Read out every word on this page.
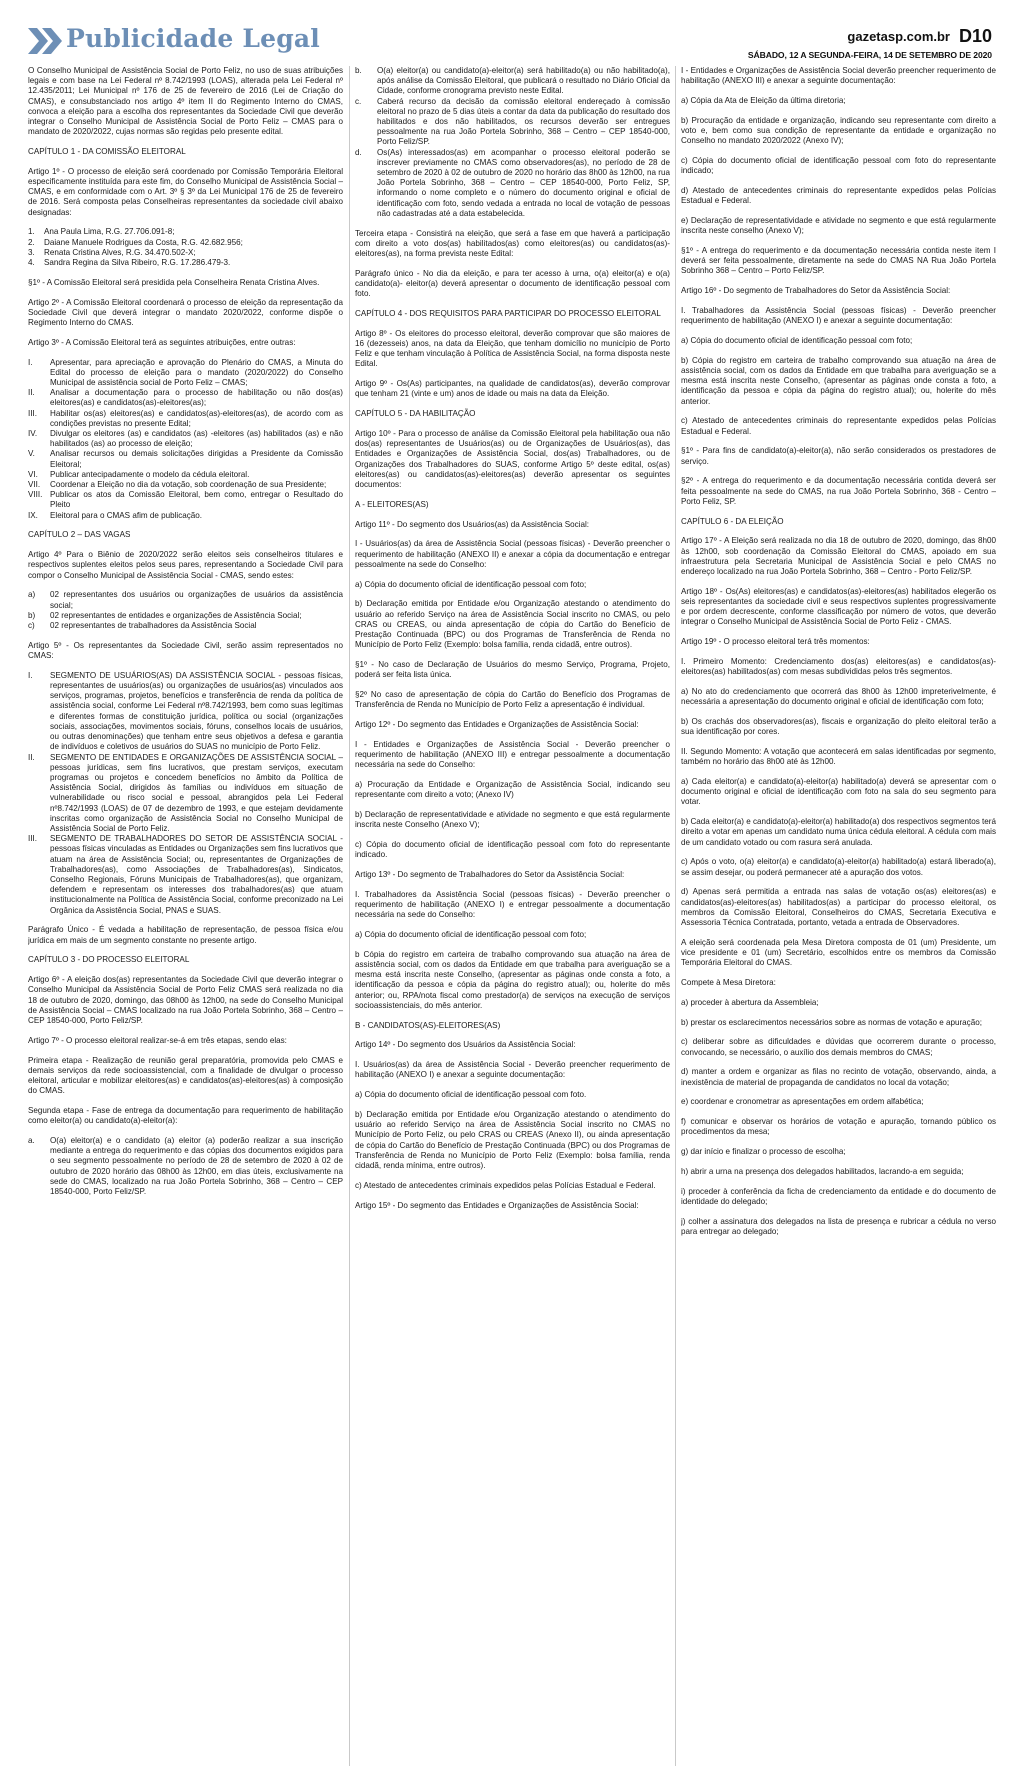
Publicidade Legal	gazetasp.com.br D10
SÁBADO, 12 A SEGUNDA-FEIRA, 14 DE SETEMBRO DE 2020

O Conselho Municipal de Assistência Social de Porto Feliz, no uso de suas atribuições legais e com base na Lei Federal nº 8.742/1993 (LOAS), alterada pela Lei Federal nº 12.435/2011; Lei Municipal nº 176 de 25 de fevereiro de 2016 (Lei de Criação do CMAS), e consubstanciado nos artigo 4º item II do Regimento Interno do CMAS, convoca a eleição para a escolha dos representantes da Sociedade Civil que deverão integrar o Conselho Municipal de Assistência Social de Porto Feliz – CMAS para o mandato de 2020/2022, cujas normas são regidas pelo presente edital.

CAPÍTULO 1 - DA COMISSÃO ELEITORAL

Artigo 1º - O processo de eleição será coordenado por Comissão Temporária Eleitoral especificamente instituída para este fim, do Conselho Municipal de Assistência Social – CMAS, e em conformidade com o Art. 3º § 3º da Lei Municipal 176 de 25 de fevereiro de 2016. Será composta pelas Conselheiras representantes da sociedade civil abaixo designadas:

1. Ana Paula Lima, R.G. 27.706.091-8;
2. Daiane Manuele Rodrigues da Costa, R.G. 42.682.956;
3. Renata Cristina Alves, R.G. 34.470.502-X;
4. Sandra Regina da Silva Ribeiro, R.G. 17.286.479-3.

§1º - A Comissão Eleitoral será presidida pela Conselheira Renata Cristina Alves.

Artigo 2º - A Comissão Eleitoral coordenará o processo de eleição da representação da Sociedade Civil que deverá integrar o mandato 2020/2022, conforme dispõe o Regimento Interno do CMAS.

Artigo 3º - A Comissão Eleitoral terá as seguintes atribuições, entre outras:

I. Apresentar, para apreciação e aprovação do Plenário do CMAS, a Minuta do Edital do processo de eleição para o mandato (2020/2022) do Conselho Municipal de assistência social de Porto Feliz – CMAS;
II. Analisar a documentação para o processo de habilitação ou não dos(as) eleitores(as) e candidatos(as)-eleitores(as);
III. Habilitar os(as) eleitores(as) e candidatos(as)-eleitores(as), de acordo com as condições previstas no presente Edital;
IV. Divulgar os eleitores (as) e candidatos (as) -eleitores (as) habilitados (as) e não habilitados (as) ao processo de eleição;
V. Analisar recursos ou demais solicitações dirigidas a Presidente da Comissão Eleitoral;
VI. Publicar antecipadamente o modelo da cédula eleitoral.
VII. Coordenar a Eleição no dia da votação, sob coordenação de sua Presidente;
VIII. Publicar os atos da Comissão Eleitoral, bem como, entregar o Resultado do Pleito
IX. Eleitoral para o CMAS afim de publicação.

CAPÍTULO 2 – DAS VAGAS

Artigo 4º Para o Biênio de 2020/2022 serão eleitos seis conselheiros titulares e respectivos suplentes eleitos pelos seus pares, representando a Sociedade Civil para compor o Conselho Municipal de Assistência Social - CMAS, sendo estes:

a) 02 representantes dos usuários ou organizações de usuários da assistência social;
b) 02 representantes de entidades e organizações de Assistência Social;
c) 02 representantes de trabalhadores da Assistência Social

Artigo 5º - Os representantes da Sociedade Civil, serão assim representados no CMAS:

I. SEGMENTO DE USUÁRIOS(AS) DA ASSISTÊNCIA SOCIAL - pessoas físicas, representantes de usuários(as) ou organizações de usuários(as) vinculados aos serviços, programas, projetos, benefícios e transferência de renda da política de assistência social, conforme Lei Federal nº8.742/1993, bem como suas legítimas e diferentes formas de constituição jurídica, política ou social (organizações sociais, associações, movimentos sociais, fóruns, conselhos locais de usuários, ou outras denominações) que tenham entre seus objetivos a defesa e garantia de indivíduos e coletivos de usuários do SUAS no município de Porto Feliz.
II. SEGMENTO DE ENTIDADES E ORGANIZAÇÕES DE ASSISTÊNCIA SOCIAL – pessoas jurídicas, sem fins lucrativos, que prestam serviços, executam programas ou projetos e concedem benefícios no âmbito da Política de Assistência Social, dirigidos às famílias ou indivíduos em situação de vulnerabilidade ou risco social e pessoal, abrangidos pela Lei Federal nº8.742/1993 (LOAS) de 07 de dezembro de 1993, e que estejam devidamente inscritas como organização de Assistência Social no Conselho Municipal de Assistência Social de Porto Feliz.
III. SEGMENTO DE TRABALHADORES DO SETOR DE ASSISTÊNCIA SOCIAL - pessoas físicas vinculadas as Entidades ou Organizações sem fins lucrativos que atuam na área de Assistência Social; ou, representantes de Organizações de Trabalhadores(as), como Associações de Trabalhadores(as), Sindicatos, Conselho Regionais, Fóruns Municipais de Trabalhadores(as), que organizam, defendem e representam os interesses dos trabalhadores(as) que atuam institucionalmente na Política de Assistência Social, conforme preconizado na Lei Orgânica da Assistência Social, PNAS e SUAS.

Parágrafo Único - É vedada a habilitação de representação, de pessoa física e/ou jurídica em mais de um segmento constante no presente artigo.

CAPÍTULO 3 - DO PROCESSO ELEITORAL

Artigo 6º - A eleição dos(as) representantes da Sociedade Civil que deverão integrar o Conselho Municipal da Assistência Social de Porto Feliz CMAS será realizada no dia 18 de outubro de 2020, domingo, das 08h00 às 12h00, na sede do Conselho Municipal de Assistência Social – CMAS localizado na rua João Portela Sobrinho, 368 – Centro – CEP 18540-000, Porto Feliz/SP.

Artigo 7º - O processo eleitoral realizar-se-á em três etapas, sendo elas:

Primeira etapa - Realização de reunião geral preparatória, promovida pelo CMAS e demais serviços da rede socioassistencial, com a finalidade de divulgar o processo eleitoral, articular e mobilizar eleitores(as) e candidatos(as)-eleitores(as) à composição do CMAS.

Segunda etapa - Fase de entrega da documentação para requerimento de habilitação como eleitor(a) ou candidato(a)-eleitor(a):

a. O(a) eleitor(a) e o candidato (a) eleitor (a) poderão realizar a sua inscrição mediante a entrega do requerimento e das cópias dos documentos exigidos para o seu segmento pessoalmente no período de 28 de setembro de 2020 à 02 de outubro de 2020 horário das 08h00 às 12h00, em dias úteis, exclusivamente na sede do CMAS, localizado na rua João Portela Sobrinho, 368 – Centro – CEP 18540-000, Porto Feliz/SP.
b. O(a) eleitor(a) ou candidato(a)-eleitor(a) será habilitado(a) ou não habilitado(a), após análise da Comissão Eleitoral, que publicará o resultado no Diário Oficial da Cidade, conforme cronograma previsto neste Edital.
c. Caberá recurso da decisão da comissão eleitoral endereçado à comissão eleitoral no prazo de 5 dias úteis a contar da data da publicação do resultado dos habilitados e dos não habilitados, os recursos deverão ser entregues pessoalmente na rua João Portela Sobrinho, 368 – Centro – CEP 18540-000, Porto Feliz/SP.
d. Os(As) interessados(as) em acompanhar o processo eleitoral poderão se inscrever previamente no CMAS como observadores(as), no período de 28 de setembro de 2020 à 02 de outubro de 2020 no horário das 8h00 às 12h00, na rua João Portela Sobrinho, 368 – Centro – CEP 18540-000, Porto Feliz, SP, informando o nome completo e o número do documento original e oficial de identificação com foto, sendo vedada a entrada no local de votação de pessoas não cadastradas até a data estabelecida.

Terceira etapa - Consistirá na eleição, que será a fase em que haverá a participação com direito a voto dos(as) habilitados(as) como eleitores(as) ou candidatos(as)-eleitores(as), na forma prevista neste Edital:

Parágrafo único - No dia da eleição, e para ter acesso à urna, o(a) eleitor(a) e o(a) candidato(a)- eleitor(a) deverá apresentar o documento de identificação pessoal com foto.

CAPÍTULO 4 - DOS REQUISITOS PARA PARTICIPAR DO PROCESSO ELEITORAL

Artigo 8º - Os eleitores do processo eleitoral, deverão comprovar que são maiores de 16 (dezesseis) anos, na data da Eleição, que tenham domicílio no município de Porto Feliz e que tenham vinculação à Política de Assistência Social, na forma disposta neste Edital.

Artigo 9º - Os(As) participantes, na qualidade de candidatos(as), deverão comprovar que tenham 21 (vinte e um) anos de idade ou mais na data da Eleição.

CAPÍTULO 5 - DA HABILITAÇÃO

Artigo 10º - Para o processo de análise da Comissão Eleitoral pela habilitação oua não dos(as) representantes de Usuários(as) ou de Organizações de Usuários(as), das Entidades e Organizações de Assistência Social, dos(as) Trabalhadores, ou de Organizações dos Trabalhadores do SUAS, conforme Artigo 5º deste edital, os(as) eleitores(as) ou candidatos(as)-eleitores(as) deverão apresentar os seguintes documentos:

A - ELEITORES(AS)

Artigo 11º - Do segmento dos Usuários(as) da Assistência Social:

I - Usuários(as) da área de Assistência Social (pessoas físicas) - Deverão preencher o requerimento de habilitação (ANEXO II) e anexar a cópia da documentação e entregar pessoalmente na sede do Conselho:

a) Cópia do documento oficial de identificação pessoal com foto;

b) Declaração emitida por Entidade e/ou Organização atestando o atendimento do usuário ao referido Serviço na área de Assistência Social inscrito no CMAS, ou pelo CRAS ou CREAS, ou ainda apresentação de cópia do Cartão do Benefício de Prestação Continuada (BPC) ou dos Programas de Transferência de Renda no Município de Porto Feliz (Exemplo: bolsa família, renda cidadã, entre outros).

§1º - No caso de Declaração de Usuários do mesmo Serviço, Programa, Projeto, poderá ser feita lista única.

§2º No caso de apresentação de cópia do Cartão do Benefício dos Programas de Transferência de Renda no Município de Porto Feliz a apresentação é individual.

Artigo 12º - Do segmento das Entidades e Organizações de Assistência Social:

I - Entidades e Organizações de Assistência Social - Deverão preencher o requerimento de habilitação (ANEXO III) e entregar pessoalmente a documentação necessária na sede do Conselho:

a) Procuração da Entidade e Organização de Assistência Social, indicando seu representante com direito a voto; (Anexo IV)

b) Declaração de representatividade e atividade no segmento e que está regularmente inscrita neste Conselho (Anexo V);

c) Cópia do documento oficial de identificação pessoal com foto do representante indicado.

Artigo 13º - Do segmento de Trabalhadores do Setor da Assistência Social:

I. Trabalhadores da Assistência Social (pessoas físicas) - Deverão preencher o requerimento de habilitação (ANEXO I) e entregar pessoalmente a documentação necessária na sede do Conselho:

a) Cópia do documento oficial de identificação pessoal com foto;

b Cópia do registro em carteira de trabalho comprovando sua atuação na área de assistência social, com os dados da Entidade em que trabalha para averiguação se a mesma está inscrita neste Conselho, (apresentar as páginas onde consta a foto, a identificação da pessoa e cópia da página do registro atual); ou, holerite do mês anterior; ou, RPA/nota fiscal como prestador(a) de serviços na execução de serviços socioassistenciais, do mês anterior.

B - CANDIDATOS(AS)-ELEITORES(AS)

Artigo 14º - Do segmento dos Usuários da Assistência Social:

I. Usuários(as) da área de Assistência Social - Deverão preencher requerimento de habilitação (ANEXO I) e anexar a seguinte documentação:

a) Cópia do documento oficial de identificação pessoal com foto.

b) Declaração emitida por Entidade e/ou Organização atestando o atendimento do usuário ao referido Serviço na área de Assistência Social inscrito no CMAS no Município de Porto Feliz, ou pelo CRAS ou CREAS (Anexo II), ou ainda apresentação de cópia do Cartão do Benefício de Prestação Continuada (BPC) ou dos Programas de Transferência de Renda no Município de Porto Feliz (Exemplo: bolsa família, renda cidadã, renda mínima, entre outros).

c) Atestado de antecedentes criminais expedidos pelas Polícias Estadual e Federal.

Artigo 15º - Do segmento das Entidades e Organizações de Assistência Social:

I - Entidades e Organizações de Assistência Social deverão preencher requerimento de habilitação (ANEXO III) e anexar a seguinte documentação:

a) Cópia da Ata de Eleição da última diretoria;

b) Procuração da entidade e organização, indicando seu representante com direito a voto e, bem como sua condição de representante da entidade e organização no Conselho no mandato 2020/2022 (Anexo IV);

c) Cópia do documento oficial de identificação pessoal com foto do representante indicado;

d) Atestado de antecedentes criminais do representante expedidos pelas Polícias Estadual e Federal.

e) Declaração de representatividade e atividade no segmento e que está regularmente inscrita neste conselho (Anexo V);

§1º - A entrega do requerimento e da documentação necessária contida neste item I deverá ser feita pessoalmente, diretamente na sede do CMAS NA Rua João Portela Sobrinho 368 – Centro – Porto Feliz/SP.

Artigo 16º - Do segmento de Trabalhadores do Setor da Assistência Social:

I. Trabalhadores da Assistência Social (pessoas físicas) - Deverão preencher requerimento de habilitação (ANEXO I) e anexar a seguinte documentação:

a) Cópia do documento oficial de identificação pessoal com foto;

b) Cópia do registro em carteira de trabalho comprovando sua atuação na área de assistência social, com os dados da Entidade em que trabalha para averiguação se a mesma está inscrita neste Conselho, (apresentar as páginas onde consta a foto, a identificação da pessoa e cópia da página do registro atual); ou, holerite do mês anterior.

c) Atestado de antecedentes criminais do representante expedidos pelas Polícias Estadual e Federal.

§1º - Para fins de candidato(a)-eleitor(a), não serão considerados os prestadores de serviço.

§2º - A entrega do requerimento e da documentação necessária contida deverá ser feita pessoalmente na sede do CMAS, na rua João Portela Sobrinho, 368 - Centro – Porto Feliz, SP.

CAPÍTULO 6 - DA ELEIÇÃO

Artigo 17º - A Eleição será realizada no dia 18 de outubro de 2020, domingo, das 8h00 às 12h00, sob coordenação da Comissão Eleitoral do CMAS, apoiado em sua infraestrutura pela Secretaria Municipal de Assistência Social e pelo CMAS no endereço localizado na rua João Portela Sobrinho, 368 – Centro - Porto Feliz/SP.

Artigo 18º - Os(As) eleitores(as) e candidatos(as)-eleitores(as) habilitados elegerão os seis representantes da sociedade civil e seus respectivos suplentes progressivamente e por ordem decrescente, conforme classificação por número de votos, que deverão integrar o Conselho Municipal de Assistência Social de Porto Feliz - CMAS.

Artigo 19º - O processo eleitoral terá três momentos:

I. Primeiro Momento: Credenciamento dos(as) eleitores(as) e candidatos(as)-eleitores(as) habilitados(as) com mesas subdivididas pelos três segmentos.

a) No ato do credenciamento que ocorrerá das 8h00 às 12h00 impreterivelmente, é necessária a apresentação do documento original e oficial de identificação com foto;

b) Os crachás dos observadores(as), fiscais e organização do pleito eleitoral terão a sua identificação por cores.

II. Segundo Momento: A votação que acontecerá em salas identificadas por segmento, também no horário das 8h00 até às 12h00.

a) Cada eleitor(a) e candidato(a)-eleitor(a) habilitado(a) deverá se apresentar com o documento original e oficial de identificação com foto na sala do seu segmento para votar.

b) Cada eleitor(a) e candidato(a)-eleitor(a) habilitado(a) dos respectivos segmentos terá direito a votar em apenas um candidato numa única cédula eleitoral. A cédula com mais de um candidato votado ou com rasura será anulada.

c) Após o voto, o(a) eleitor(a) e candidato(a)-eleitor(a) habilitado(a) estará liberado(a), se assim desejar, ou poderá permanecer até a apuração dos votos.

d) Apenas será permitida a entrada nas salas de votação os(as) eleitores(as) e candidatos(as)-eleitores(as) habilitados(as) a participar do processo eleitoral, os membros da Comissão Eleitoral, Conselheiros do CMAS, Secretaria Executiva e Assessoria Técnica Contratada, portanto, vetada a entrada de Observadores.

A eleição será coordenada pela Mesa Diretora composta de 01 (um) Presidente, um vice presidente e 01 (um) Secretário, escolhidos entre os membros da Comissão Temporária Eleitoral do CMAS.

Compete à Mesa Diretora:

a) proceder à abertura da Assembleia;

b) prestar os esclarecimentos necessários sobre as normas de votação e apuração;

c) deliberar sobre as dificuldades e dúvidas que ocorrerem durante o processo, convocando, se necessário, o auxílio dos demais membros do CMAS;

d) manter a ordem e organizar as filas no recinto de votação, observando, ainda, a inexistência de material de propaganda de candidatos no local da votação;

e) coordenar e cronometrar as apresentações em ordem alfabética;

f) comunicar e observar os horários de votação e apuração, tornando público os procedimentos da mesa;

g) dar início e finalizar o processo de escolha;

h) abrir a urna na presença dos delegados habilitados, lacrando-a em seguida;

i) proceder à conferência da ficha de credenciamento da entidade e do documento de identidade do delegado;

j) colher a assinatura dos delegados na lista de presença e rubricar a cédula no verso para entregar ao delegado;
